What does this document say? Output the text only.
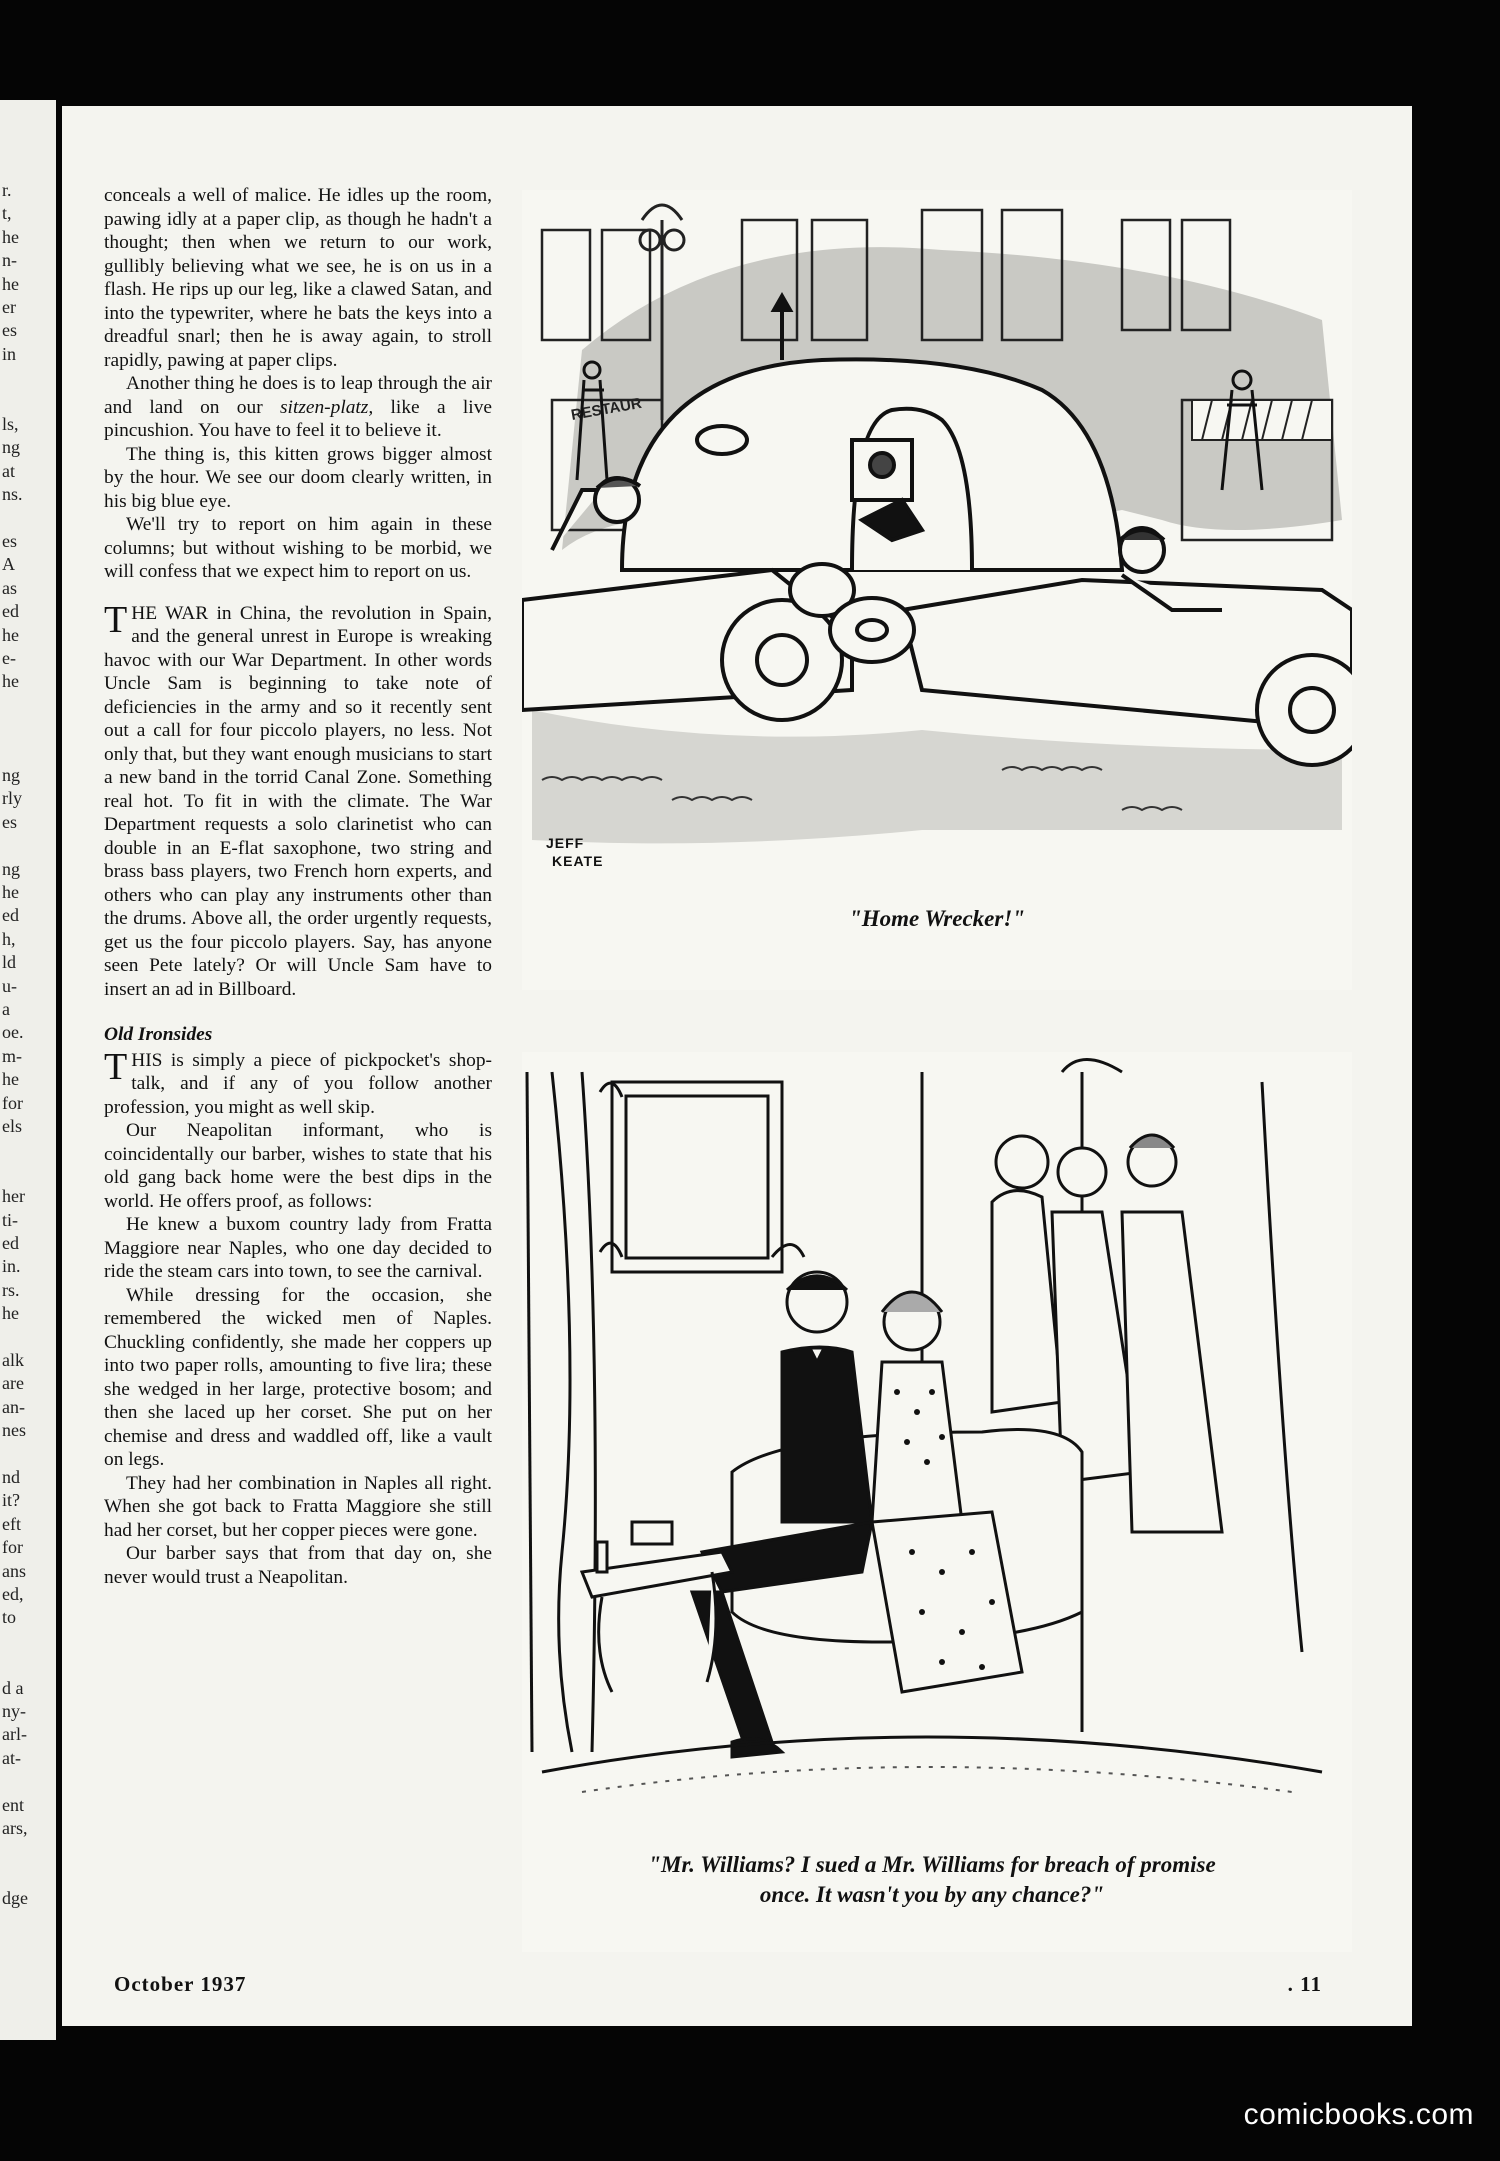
r.
t,
he
n-
he
er
es
in
ls,
ng
at
ns.
es
A
as
ed
he
e-
he
ng
rly
es
ng
he
ed
h,
ld
u-
a
oe.
m-
he
for
els
her
ti-
ed
in.
rs.
he
alk
are
an-
nes
nd
it?
eft
for
ans
ed,
to
d a
ny-
arl-
at-
ent
ars,
dge

conceals a well of malice. He idles up the room, pawing idly at a paper clip, as though he hadn't a thought; then when we return to our work, gullibly believing what we see, he is on us in a flash. He rips up our leg, like a clawed Satan, and into the typewriter, where he bats the keys into a dreadful snarl; then he is away again, to stroll rapidly, pawing at paper clips.

Another thing he does is to leap through the air and land on our sitzen-platz, like a live pincushion. You have to feel it to believe it.

The thing is, this kitten grows bigger almost by the hour. We see our doom clearly written, in his big blue eye.

We'll try to report on him again in these columns; but without wishing to be morbid, we will confess that we expect him to report on us.

THE WAR in China, the revolution in Spain, and the general unrest in Europe is wreaking havoc with our War Department. In other words Uncle Sam is beginning to take note of deficiencies in the army and so it recently sent out a call for four piccolo players, no less. Not only that, but they want enough musicians to start a new band in the torrid Canal Zone. Something real hot. To fit in with the climate. The War Department requests a solo clarinetist who can double in an E-flat saxophone, two string and brass bass players, two French horn experts, and others who can play any instruments other than the drums. Above all, the order urgently requests, get us the four piccolo players. Say, has anyone seen Pete lately? Or will Uncle Sam have to insert an ad in Billboard.

Old Ironsides

THIS is simply a piece of pickpocket's shop-talk, and if any of you follow another profession, you might as well skip.

Our Neapolitan informant, who is coincidentally our barber, wishes to state that his old gang back home were the best dips in the world. He offers proof, as follows:

He knew a buxom country lady from Fratta Maggiore near Naples, who one day decided to ride the steam cars into town, to see the carnival.

While dressing for the occasion, she remembered the wicked men of Naples. Chuckling confidently, she made her coppers up into two paper rolls, amounting to five lira; these she wedged in her large, protective bosom; and then she laced up her corset. She put on her chemise and dress and waddled off, like a vault on legs.

They had her combination in Naples all right. When she got back to Fratta Maggiore she still had her corset, but her copper pieces were gone.

Our barber says that from that day on, she never would trust a Neapolitan.

RESTAUR
JEFF
KEATE
"Home Wrecker!"
"Mr. Williams? I sued a Mr. Williams for breach of promise
once. It wasn't you by any chance?"
October 1937	. 11
comicbooks.com
